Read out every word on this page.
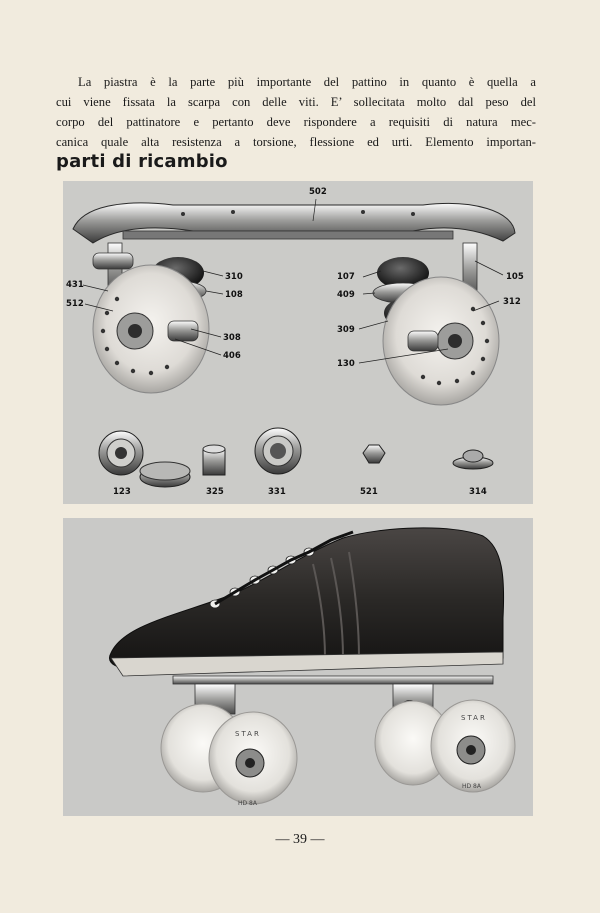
La piastra è la parte più importante del pattino in quanto è quella a
cui viene fissata la scarpa con delle viti. E’ sollecitata molto dal peso del
corpo del pattinatore e pertanto deve rispondere a requisiti di natura mec-
canica quale alta resistenza a torsione, flessione ed urti. Elemento importan-
parti di ricambio
502
431
512
310
108
308
406
107
409
105
312
309
130
123	325	331	521	314
STAR
STAR
HD 8A
HD 8A
— 39 —
